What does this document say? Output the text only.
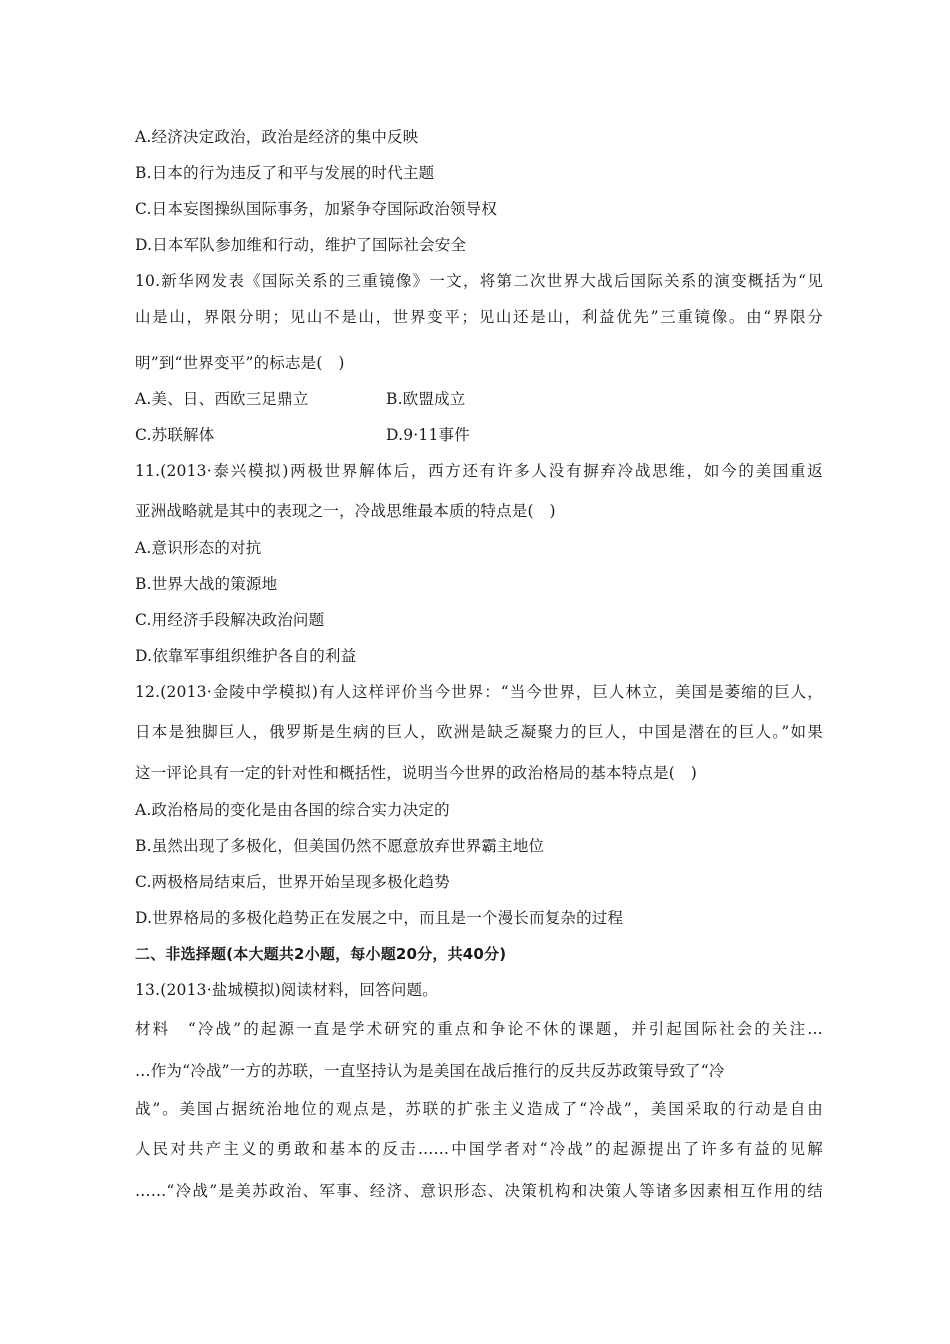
A.经济决定政治，政治是经济的集中反映
B.日本的行为违反了和平与发展的时代主题
C.日本妄图操纵国际事务，加紧争夺国际政治领导权
D.日本军队参加维和行动，维护了国际社会安全
10.新华网发表《国际关系的三重镜像》一文，将第二次世界大战后国际关系的演变概括为“见
山是山，界限分明；见山不是山，世界变平；见山还是山，利益优先”三重镜像。由“界限分
明”到“世界变平”的标志是(　)
A.美、日、西欧三足鼎立	B.欧盟成立
C.苏联解体	D.9·11事件
11.(2013·泰兴模拟)两极世界解体后，西方还有许多人没有摒弃冷战思维，如今的美国重返
亚洲战略就是其中的表现之一，冷战思维最本质的特点是(　)
A.意识形态的对抗
B.世界大战的策源地
C.用经济手段解决政治问题
D.依靠军事组织维护各自的利益
12.(2013·金陵中学模拟)有人这样评价当今世界：“当今世界，巨人林立，美国是萎缩的巨人，
日本是独脚巨人，俄罗斯是生病的巨人，欧洲是缺乏凝聚力的巨人，中国是潜在的巨人。”如果
这一评论具有一定的针对性和概括性，说明当今世界的政治格局的基本特点是(　)
A.政治格局的变化是由各国的综合实力决定的
B.虽然出现了多极化，但美国仍然不愿意放弃世界霸主地位
C.两极格局结束后，世界开始呈现多极化趋势
D.世界格局的多极化趋势正在发展之中，而且是一个漫长而复杂的过程
二、非选择题(本大题共2小题，每小题20分，共40分)
13.(2013·盐城模拟)阅读材料，回答问题。
材料　“冷战”的起源一直是学术研究的重点和争论不休的课题，并引起国际社会的关注…
…作为“冷战”一方的苏联，一直坚持认为是美国在战后推行的反共反苏政策导致了“冷
战”。美国占据统治地位的观点是，苏联的扩张主义造成了“冷战”，美国采取的行动是自由
人民对共产主义的勇敢和基本的反击……中国学者对“冷战”的起源提出了许多有益的见解
……“冷战”是美苏政治、军事、经济、意识形态、决策机构和决策人等诸多因素相互作用的结
